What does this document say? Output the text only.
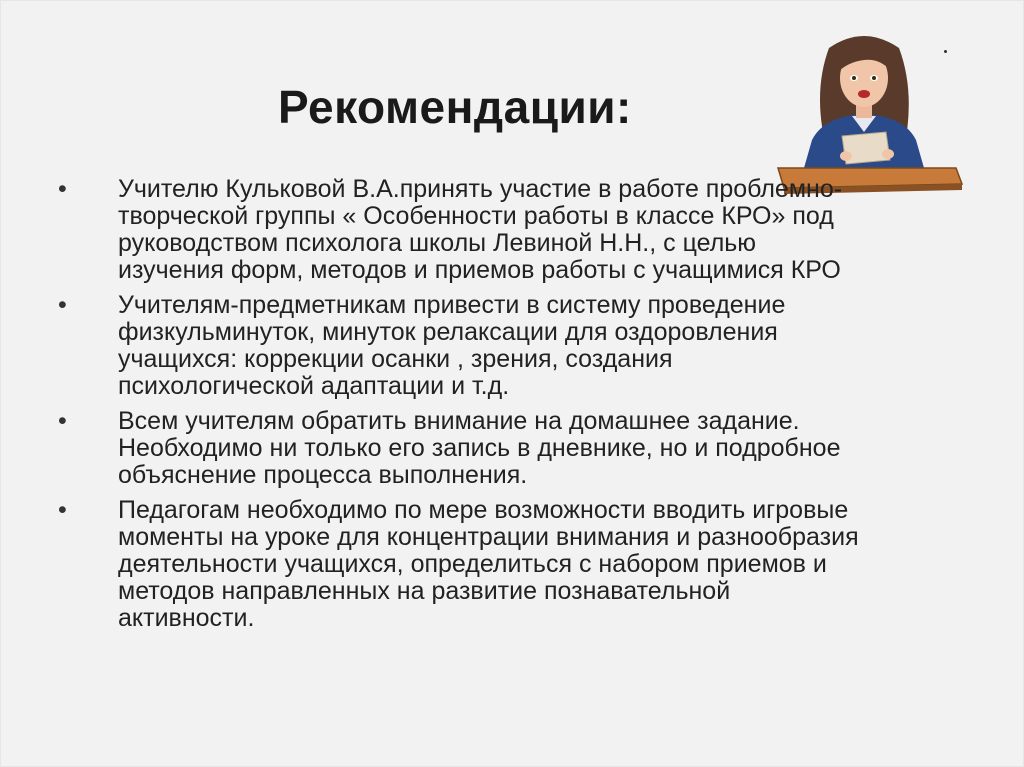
Рекомендации:
•	Учителю Кульковой В.А.принять участие в работе проблемно-
творческой группы « Особенности работы в классе КРО» под
руководством психолога школы Левиной Н.Н., с целью
изучения форм, методов и приемов работы с учащимися КРО
•	Учителям-предметникам привести в систему проведение
физкульминуток, минуток релаксации для оздоровления
учащихся: коррекции осанки , зрения, создания
психологической адаптации и т.д.
•	Всем учителям обратить внимание на домашнее задание.
Необходимо ни только его запись в дневнике, но и подробное
объяснение процесса выполнения.
•	Педагогам необходимо по мере возможности вводить игровые
моменты на уроке для концентрации внимания и разнообразия
деятельности учащихся, определиться с набором приемов и
методов направленных на развитие познавательной
активности.
